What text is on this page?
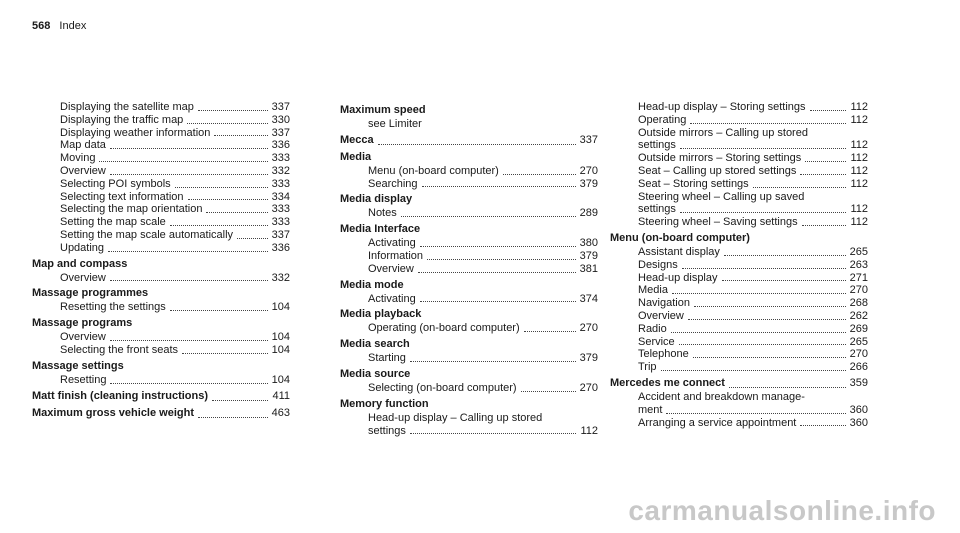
568 Index
Displaying the satellite map	337
Displaying the traffic map	330
Displaying weather information	337
Map data	336
Moving	333
Overview	332
Selecting POI symbols	333
Selecting text information	334
Selecting the map orientation	333
Setting the map scale	333
Setting the map scale automatically	337
Updating	336
Map and compass
Overview	332
Massage programmes
Resetting the settings	104
Massage programs
Overview	104
Selecting the front seats	104
Massage settings
Resetting	104
Matt finish (cleaning instructions)	411
Maximum gross vehicle weight	463
Maximum speed
see Limiter
Mecca	337
Media
Menu (on-board computer)	270
Searching	379
Media display
Notes	289
Media Interface
Activating	380
Information	379
Overview	381
Media mode
Activating	374
Media playback
Operating (on-board computer)	270
Media search
Starting	379
Media source
Selecting (on-board computer)	270
Memory function
Head-up display – Calling up stored
settings	112
Head-up display – Storing settings	112
Operating	112
Outside mirrors – Calling up stored
settings	112
Outside mirrors – Storing settings	112
Seat – Calling up stored settings	112
Seat – Storing settings	112
Steering wheel – Calling up saved
settings	112
Steering wheel – Saving settings	112
Menu (on-board computer)
Assistant display	265
Designs	263
Head-up display	271
Media	270
Navigation	268
Overview	262
Radio	269
Service	265
Telephone	270
Trip	266
Mercedes me connect	359
Accident and breakdown manage-
ment	360
Arranging a service appointment	360
carmanualsonline.info
